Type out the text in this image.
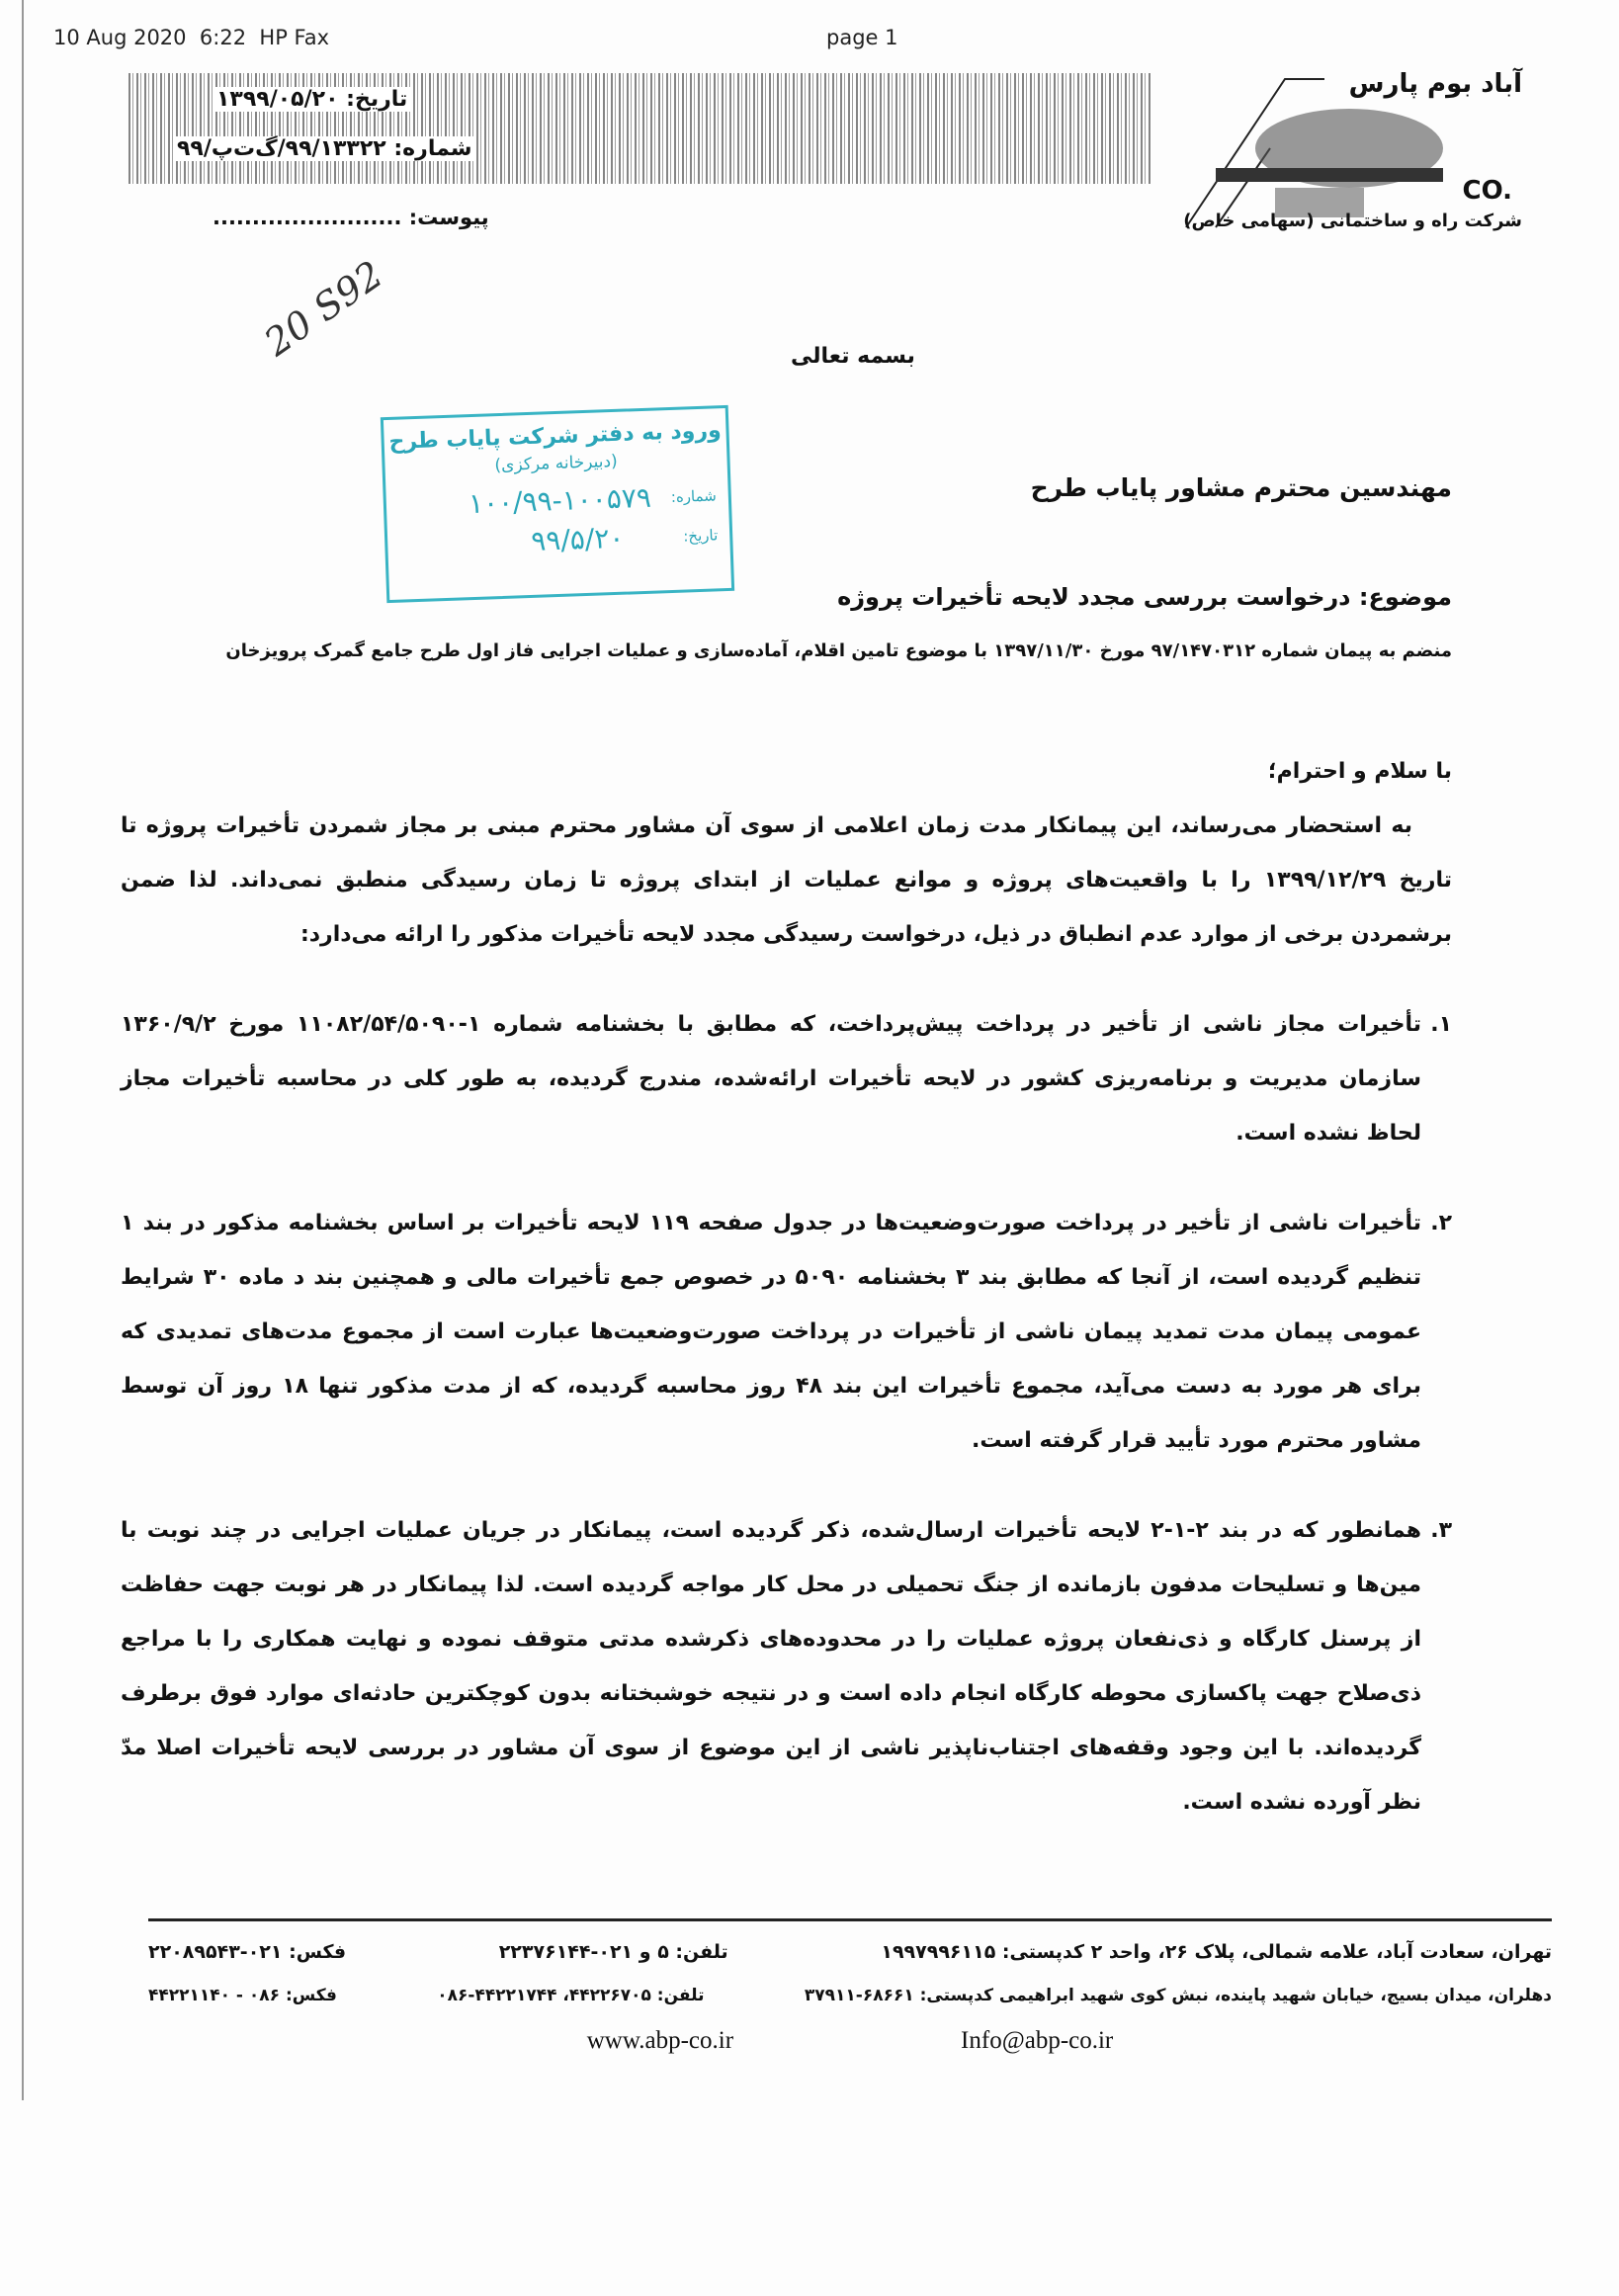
10 Aug 2020 6:22 HP Fax	page 1
تاریخ: ۱۳۹۹/۰۵/۲۰
شماره: ۹۹/۱۳۳۲۲/گ‌ت‌پ/۹۹
پیوست: ........................
آباد بوم پارس
CO.
شرکت راه و ساختمانی (سهامی خاص)
بسمه تعالی
20 S92
ورود به دفتر شرکت پایاب طرح
(دبیرخانه مرکزی)
شماره:
۱۰۰/۹۹-۱۰۰۵۷۹
تاریخ:
۹۹/۵/۲۰
مهندسین محترم مشاور پایاب طرح
موضوع: درخواست بررسی مجدد لایحه تأخیرات پروژه
منضم به پیمان شماره ۹۷/۱۴۷۰۳۱۲ مورخ ۱۳۹۷/۱۱/۳۰ با موضوع تامین اقلام، آماده‌سازی و عملیات اجرایی فاز اول طرح جامع گمرک پرویزخان
با سلام و احترام؛
به استحضار می‌رساند، این پیمانکار مدت زمان اعلامی از سوی آن مشاور محترم مبنی بر مجاز شمردن تأخیرات پروژه تاتاریخ ۱۳۹۹/۱۲/۲۹ را با واقعیت‌های پروژه و موانع عملیات از ابتدای پروژه تا زمان رسیدگی منطبق نمی‌داند. لذا ضمن برشمردنبرخی از موارد عدم انطباق در ذیل، درخواست رسیدگی مجدد لایحه تأخیرات مذکور را ارائه می‌دارد:
۱.
تأخیرات مجاز ناشی از تأخیر در پرداخت پیش‌پرداخت، که مطابق با بخشنامه شماره ۱-۱۱۰۸۲/۵۴/۵۰۹۰ مورخ۱۳۶۰/۹/۲ سازمان مدیریت و برنامه‌ریزی کشور در لایحه تأخیرات ارائه‌شده، مندرج گردیده، به طور کلی در محاسبهتأخیرات مجاز لحاظ نشده است.
۲.
تأخیرات ناشی از تأخیر در پرداخت صورت‌وضعیت‌ها در جدول صفحه ۱۱۹ لایحه تأخیرات بر اساس بخشنامه مذکوردر بند ۱ تنظیم گردیده است، از آنجا که مطابق بند ۳ بخشنامه ۵۰۹۰ در خصوص جمع تأخیرات مالی و همچنینبند د ماده ۳۰ شرایط عمومی پیمان مدت تمدید پیمان ناشی از تأخیرات در پرداخت صورت‌وضعیت‌ها عبارت است ازمجموع مدت‌های تمدیدی که برای هر مورد به دست می‌آید، مجموع تأخیرات این بند ۴۸ روز محاسبه گردیده، کهاز مدت مذکور تنها ۱۸ روز آن توسط مشاور محترم مورد تأیید قرار گرفته است.
۳.
همانطور که در بند ۲-۱-۲ لایحه تأخیرات ارسال‌شده، ذکر گردیده است، پیمانکار در جریان عملیات اجرایی در چندنوبت با مین‌ها و تسلیحات مدفون بازمانده از جنگ تحمیلی در محل کار مواجه گردیده است. لذا پیمانکار در هرنوبت جهت حفاظت از پرسنل کارگاه و ذی‌نفعان پروژه عملیات را در محدوده‌های ذکرشده مدتی متوقف نموده ونهایت همکاری را با مراجع ذی‌صلاح جهت پاکسازی محوطه کارگاه انجام داده است و در نتیجه خوشبختانه بدونکوچکترین حادثه‌ای موارد فوق برطرف گردیده‌اند. با این وجود وقفه‌های اجتناب‌ناپذیر ناشی از این موضوع از سویآن مشاور در بررسی لایحه تأخیرات اصلا مدّ نظر آورده نشده است.
تهران، سعادت آباد، علامه شمالی، پلاک ۲۶، واحد ۲ کدپستی: ۱۹۹۷۹۹۶۱۱۵
تلفن: ۵ و ۰۲۱-۲۲۳۷۶۱۴۴
فکس: ۰۲۱-۲۲۰۸۹۵۴۳
دهلران، میدان بسیج، خیابان شهید پاینده، نبش کوی شهید ابراهیمی کدپستی: ۶۸۶۶۱-۳۷۹۱۱
تلفن: ۴۴۲۲۶۷۰۵، ۴۴۲۲۱۷۴۴-۰۸۶
فکس: ۰۸۶ - ۴۴۲۲۱۱۴۰
www.abp-co.ir	Info@abp-co.ir
